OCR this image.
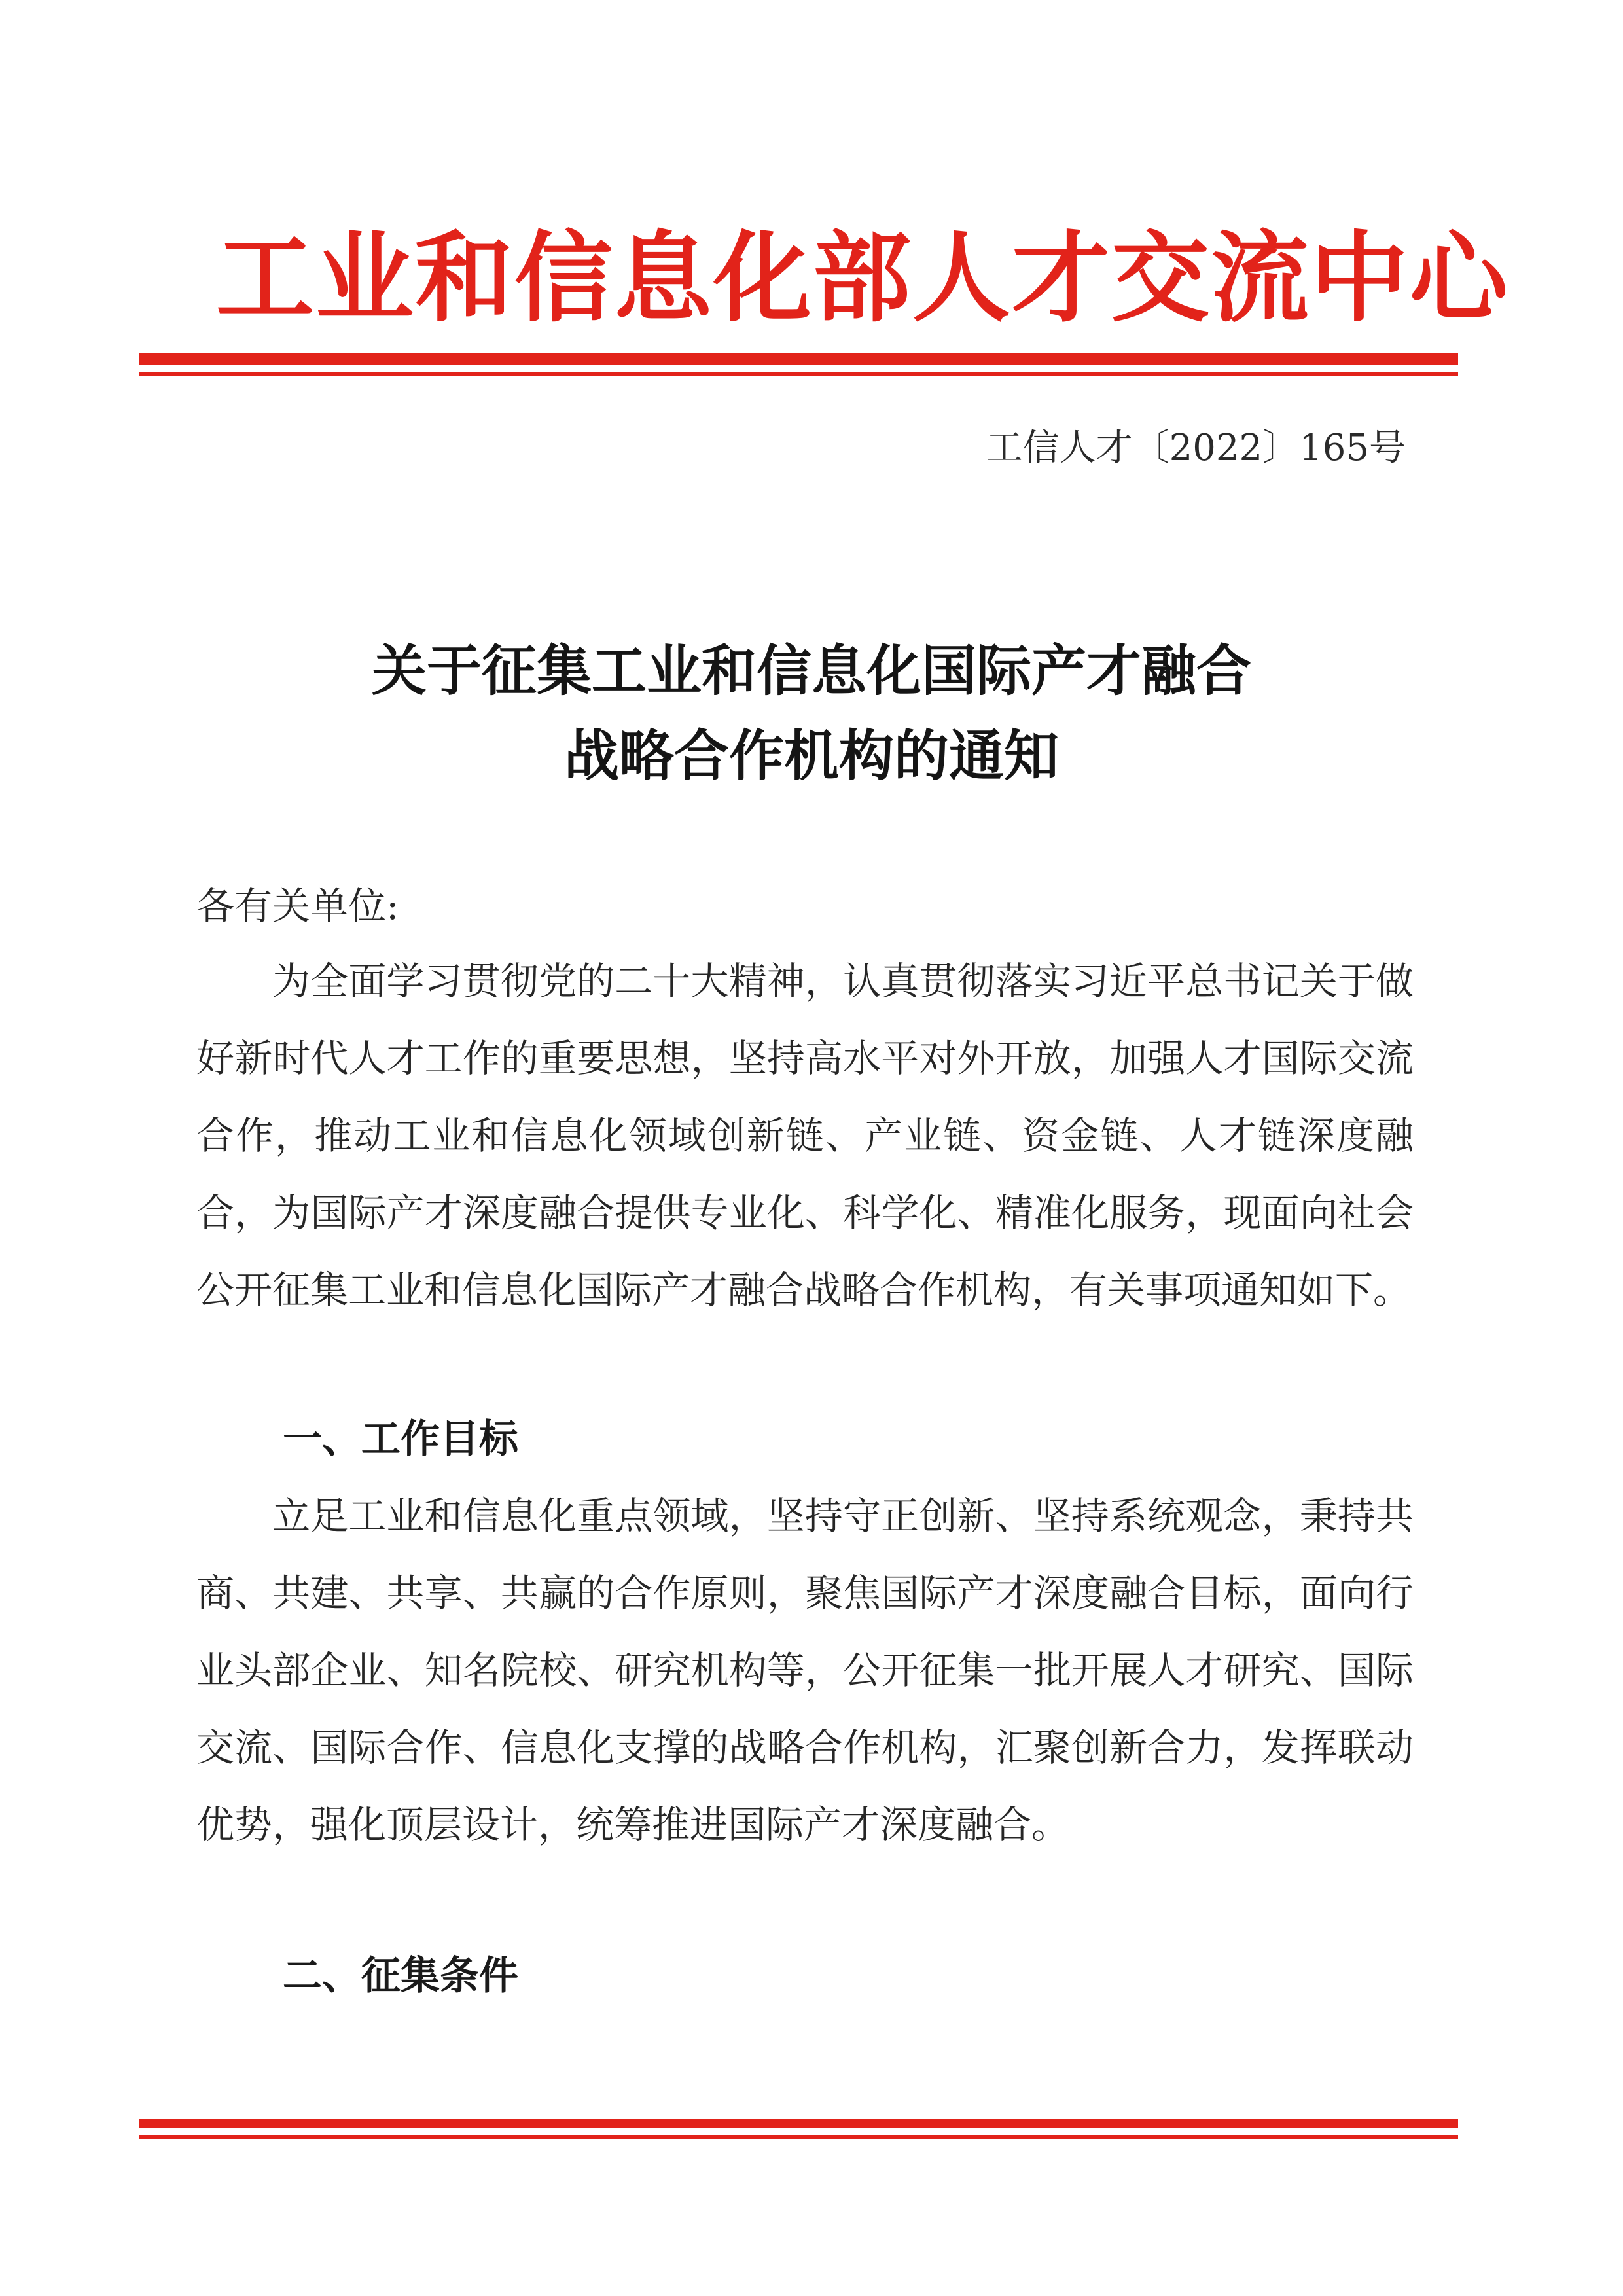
工业和信息化部人才交流中心
工信人才〔2022〕165号
关于征集工业和信息化国际产才融合
战略合作机构的通知
各有关单位:

为全面学习贯彻党的二十大精神，认真贯彻落实习近平总书记关于做好新时代人才工作的重要思想，坚持高水平对外开放，加强人才国际交流合作，推动工业和信息化领域创新链、产业链、资金链、人才链深度融合，为国际产才深度融合提供专业化、科学化、精准化服务，现面向社会公开征集工业和信息化国际产才融合战略合作机构，有关事项通知如下。

一、工作目标

立足工业和信息化重点领域，坚持守正创新、坚持系统观念，秉持共商、共建、共享、共赢的合作原则，聚焦国际产才深度融合目标，面向行业头部企业、知名院校、研究机构等，公开征集一批开展人才研究、国际交流、国际合作、信息化支撑的战略合作机构，汇聚创新合力，发挥联动优势，强化顶层设计，统筹推进国际产才深度融合。

二、征集条件
